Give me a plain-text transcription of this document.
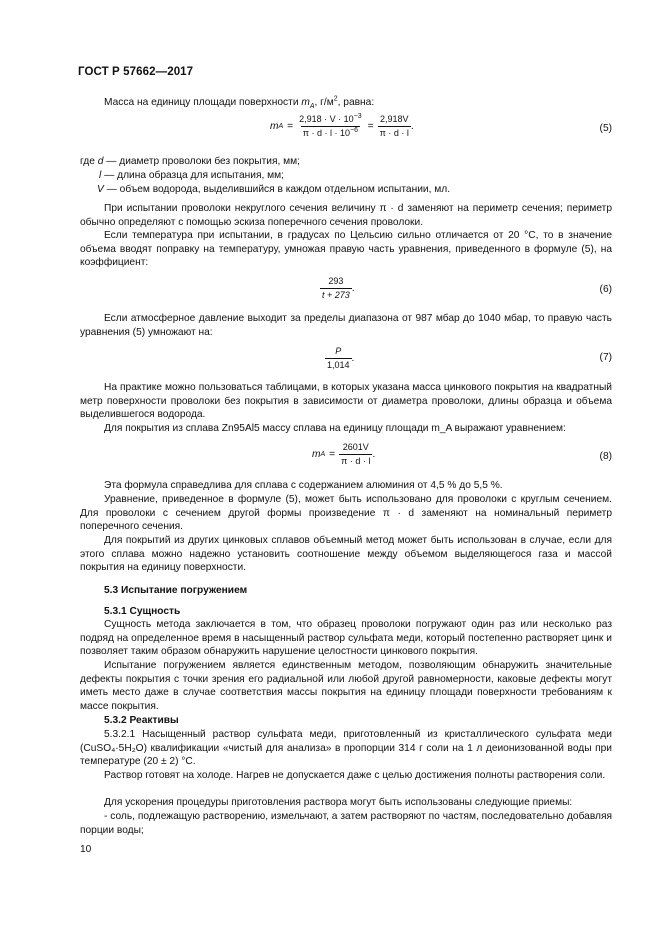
ГОСТ Р 57662—2017
Масса на единицу площади поверхности $m_A$, $г/м^2$, равна:
m $A = \frac{2,918 \cdot V \cdot 10^{-3}}{\pi \cdot d \cdot l \cdot 10^{-6}} = \frac{2,918V}{\pi \cdot d \cdot l}$ .	(5)
где d — диаметр проволоки без покрытия, мм;
l — длина образца для испытания, мм;
V — объем водорода, выделившийся в каждом отдельном испытании, мл.

При испытании проволоки некруглого сечения величину π · d заменяют на периметр сечения; периметр обычно определяют с помощью эскиза поперечного сечения проволоки.

Если температура при испытании, в градусах по Цельсию сильно отличается от 20 °С, то в значение объема вводят поправку на температуру, умножая правую часть уравнения, приведенного в формуле (5), на коэффициент:

$\frac{293}{t + 273}$ .	(6)

Если атмосферное давление выходит за пределы диапазона от 987 мбар до 1040 мбар, то правую часть уравнения (5) умножают на:

$\frac{P}{1,014}$ .	(7)

На практике можно пользоваться таблицами, в которых указана масса цинкового покрытия на квадратный метр поверхности проволоки без покрытия в зависимости от диаметра проволоки, длины образца и объема выделившегося водорода.

Для покрытия из сплава Zn95Al5 массу сплава на единицу площади m_A выражают уравнением:

m $A = \frac{2601V}{\pi \cdot d \cdot l}$ .	(8)

Эта формула справедлива для сплава с содержанием алюминия от 4,5 % до 5,5 %.

Уравнение, приведенное в формуле (5), может быть использовано для проволоки с круглым сечением. Для проволоки с сечением другой формы произведение π · d заменяют на номинальный периметр поперечного сечения.

Для покрытий из других цинковых сплавов объемный метод может быть использован в случае, если для этого сплава можно надежно установить соотношение между объемом выделяющегося газа и массой покрытия на единицу поверхности.

5.3 Испытание погружением
5.3.1 Сущность

Сущность метода заключается в том, что образец проволоки погружают один раз или несколько раз подряд на определенное время в насыщенный раствор сульфата меди, который постепенно растворяет цинк и позволяет таким образом обнаружить нарушение целостности цинкового покрытия.

Испытание погружением является единственным методом, позволяющим обнаружить значительные дефекты покрытия с точки зрения его радиальной или любой другой равномерности, каковые дефекты могут иметь место даже в случае соответствия массы покрытия на единицу площади поверхности требованиям к массе покрытия.

5.3.2 Реактивы

5.3.2.1 Насыщенный раствор сульфата меди, приготовленный из кристаллического сульфата меди (CuSO₄·5H₂O) квалификации «чистый для анализа» в пропорции 314 г соли на 1 л деионизованной воды при температуре (20 ± 2) °С.

Раствор готовят на холоде. Нагрев не допускается даже с целью достижения полноты растворения соли.

Для ускорения процедуры приготовления раствора могут быть использованы следующие приемы:

- соль, подлежащую растворению, измельчают, а затем растворяют по частям, последовательно добавляя порции воды;

10
